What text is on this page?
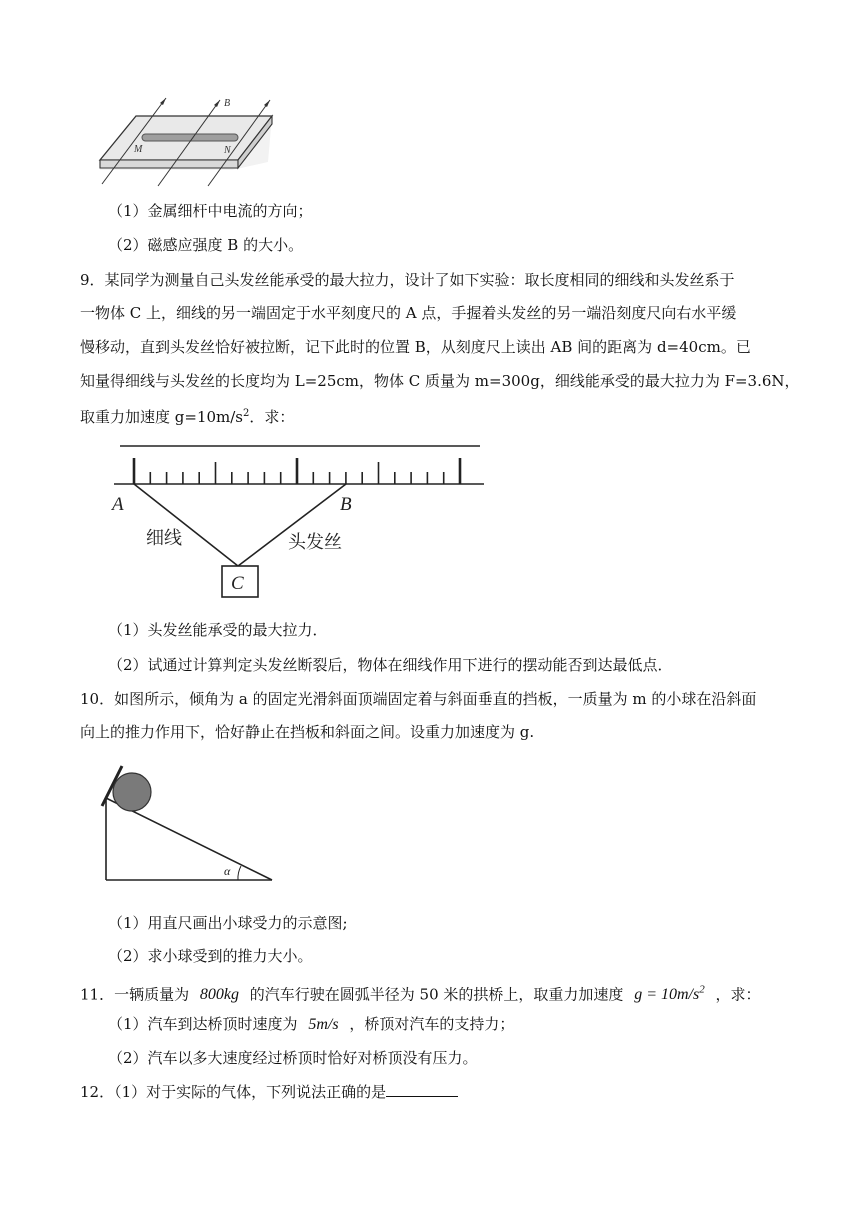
B
M	N
（1）金属细杆中电流的方向；
（2）磁感应强度 B 的大小。
9．某同学为测量自己头发丝能承受的最大拉力，设计了如下实验：取长度相同的细线和头发丝系于
一物体 C 上，细线的另一端固定于水平刻度尺的 A 点，手握着头发丝的另一端沿刻度尺向右水平缓
慢移动，直到头发丝恰好被拉断，记下此时的位置 B，从刻度尺上读出 AB 间的距离为 d=40cm。已
知量得细线与头发丝的长度均为 L=25cm，物体 C 质量为 m=300g，细线能承受的最大拉力为 F=3.6N，
取重力加速度 $g=10m/s^2$．求：
A	B
C
细线	头发丝
（1）头发丝能承受的最大拉力．
（2）试通过计算判定头发丝断裂后，物体在细线作用下进行的摆动能否到达最低点．
10．如图所示，倾角为 a 的固定光滑斜面顶端固定着与斜面垂直的挡板，一质量为 m 的小球在沿斜面
向上的推力作用下，恰好静止在挡板和斜面之间。设重力加速度为 g.
α
（1）用直尺画出小球受力的示意图;
（2）求小球受到的推力大小。
11．一辆质量为 800kg 的汽车行驶在圆弧半径为 50 米的拱桥上，取重力加速度 $g = 10m/s^2$ ，求：
（1）汽车到达桥顶时速度为 5m/s ，桥顶对汽车的支持力；
（2）汽车以多大速度经过桥顶时恰好对桥顶没有压力。
12．（1）对于实际的气体，下列说法正确的是
